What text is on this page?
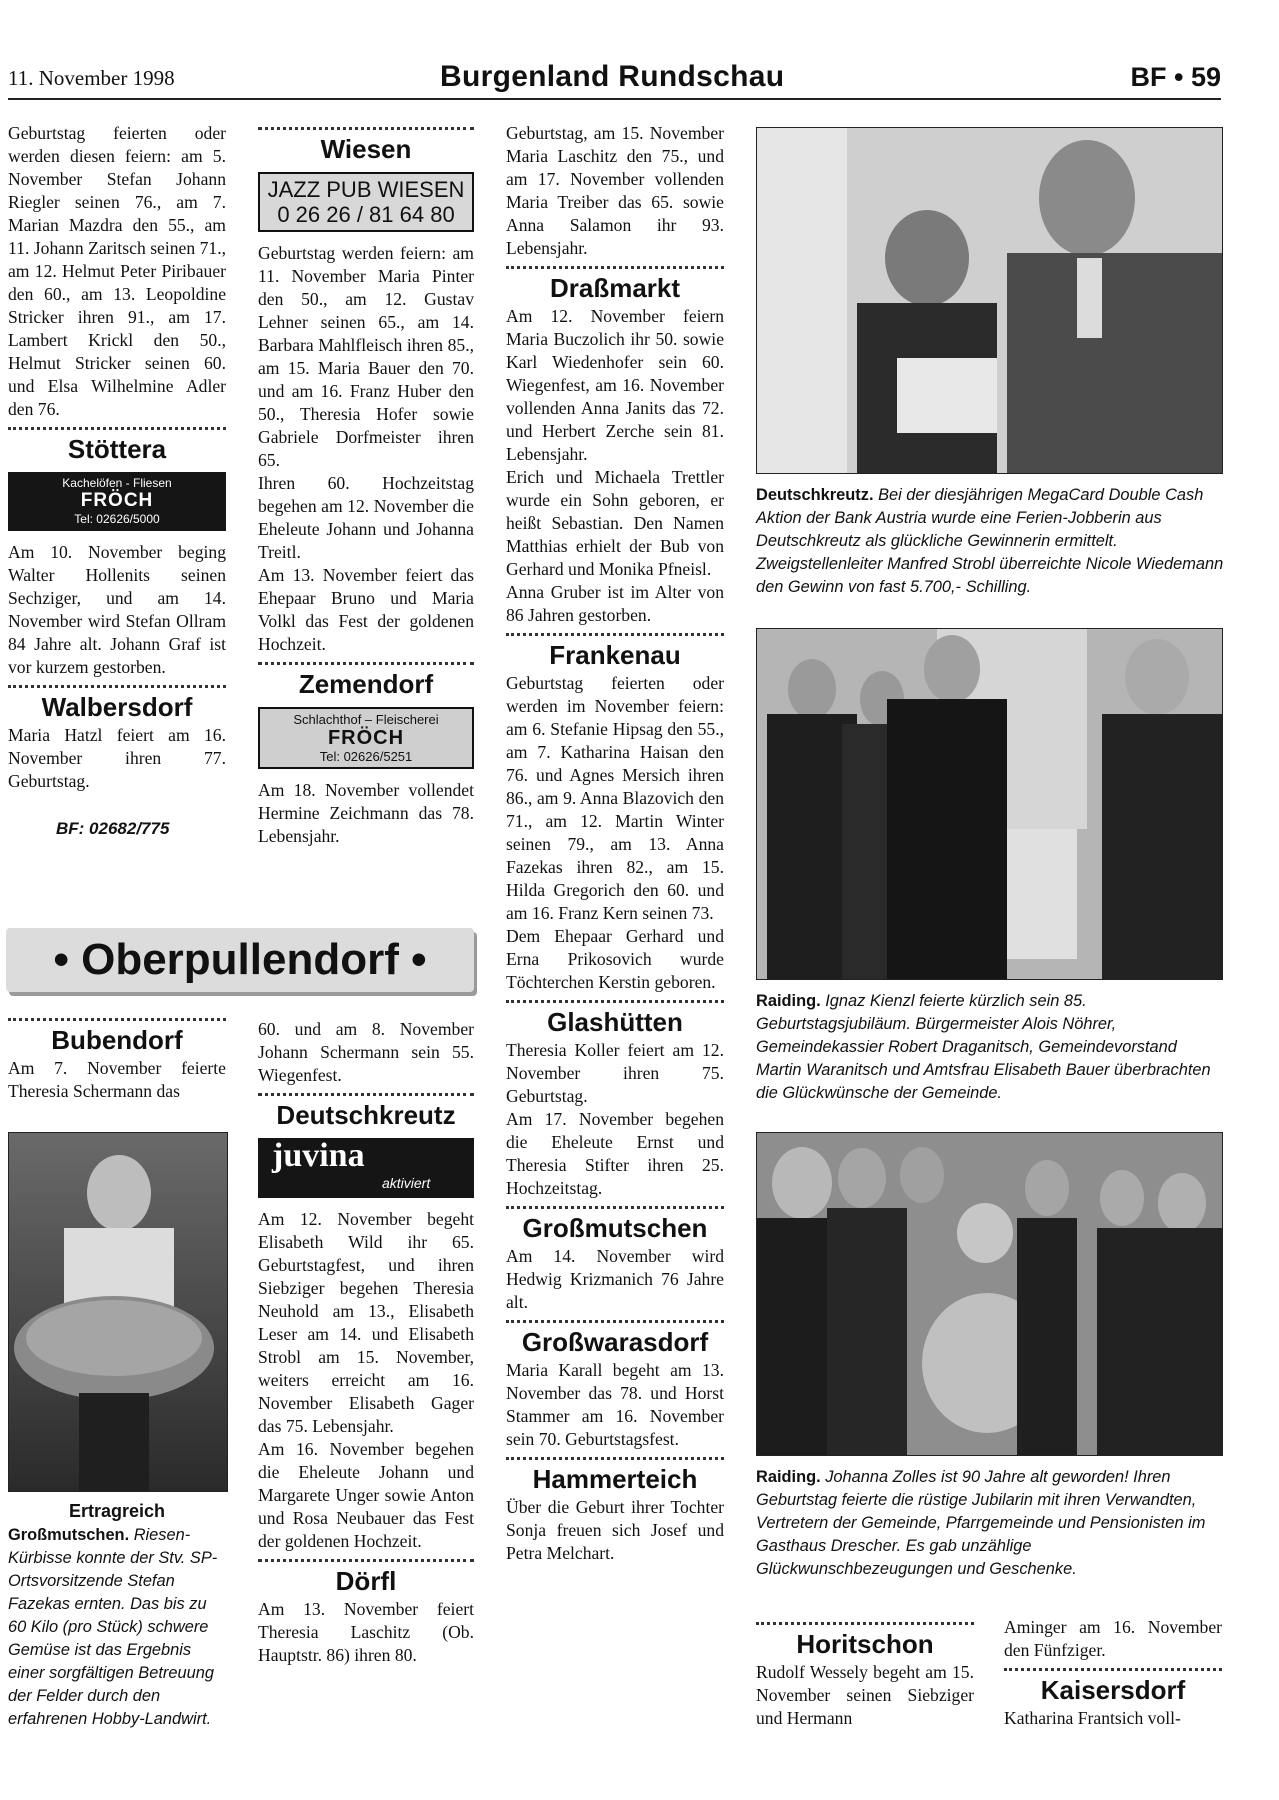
11. November 1998	Burgenland Rundschau	BF • 59

Geburtstag feierten oder werden diesen feiern: am 5. November Stefan Johann Riegler seinen 76., am 7. Marian Mazdra den 55., am 11. Johann Zaritsch seinen 71., am 12. Helmut Peter Piribauer den 60., am 13. Leopoldine Stricker ihren 91., am 17. Lambert Krickl den 50., Helmut Stricker seinen 60. und Elsa Wilhelmine Adler den 76.

Stöttera
Kachelöfen - Fliesen
FRÖCH
Tel: 02626/5000

Am 10. November beging Walter Hollenits seinen Sechziger, und am 14. November wird Stefan Ollram 84 Jahre alt. Johann Graf ist vor kurzem gestorben.

Walbersdorf

Maria Hatzl feiert am 16. November ihren 77. Geburtstag.

BF: 02682/775
Wiesen
JAZZ PUB WIESEN
0 26 26 / 81 64 80

Geburtstag werden feiern: am 11. November Maria Pinter den 50., am 12. Gustav Lehner seinen 65., am 14. Barbara Mahlfleisch ihren 85., am 15. Maria Bauer den 70. und am 16. Franz Huber den 50., Theresia Hofer sowie Gabriele Dorfmeister ihren 65.

Ihren 60. Hochzeitstag begehen am 12. November die Eheleute Johann und Johanna Treitl.

Am 13. November feiert das Ehepaar Bruno und Maria Volkl das Fest der goldenen Hochzeit.

Zemendorf
Schlachthof – Fleischerei
FRÖCH
Tel: 02626/5251

Am 18. November vollendet Hermine Zeichmann das 78. Lebensjahr.

Geburtstag, am 15. November Maria Laschitz den 75., und am 17. November vollenden Maria Treiber das 65. sowie Anna Salamon ihr 93. Lebensjahr.

Draßmarkt

Am 12. November feiern Maria Buczolich ihr 50. sowie Karl Wiedenhofer sein 60. Wiegenfest, am 16. November vollenden Anna Janits das 72. und Herbert Zerche sein 81. Lebensjahr.

Erich und Michaela Trettler wurde ein Sohn geboren, er heißt Sebastian. Den Namen Matthias erhielt der Bub von Gerhard und Monika Pfneisl.

Anna Gruber ist im Alter von 86 Jahren gestorben.

Frankenau

Geburtstag feierten oder werden im November feiern: am 6. Stefanie Hipsag den 55., am 7. Katharina Haisan den 76. und Agnes Mersich ihren 86., am 9. Anna Blazovich den 71., am 12. Martin Winter seinen 79., am 13. Anna Fazekas ihren 82., am 15. Hilda Gregorich den 60. und am 16. Franz Kern seinen 73.

Dem Ehepaar Gerhard und Erna Prikosovich wurde Töchterchen Kerstin geboren.

Glashütten

Theresia Koller feiert am 12. November ihren 75. Geburtstag.

Am 17. November begehen die Eheleute Ernst und Theresia Stifter ihren 25. Hochzeitstag.

Großmutschen

Am 14. November wird Hedwig Krizmanich 76 Jahre alt.

Großwarasdorf

Maria Karall begeht am 13. November das 78. und Horst Stammer am 16. November sein 70. Geburtstagsfest.

Hammerteich

Über die Geburt ihrer Tochter Sonja freuen sich Josef und Petra Melchart.

• Oberpullendorf •
Bubendorf

Am 7. November feierte Theresia Schermann das

Ertragreich
Großmutschen. Riesen-Kürbisse konnte der Stv. SP-Ortsvorsitzende Stefan Fazekas ernten. Das bis zu 60 Kilo (pro Stück) schwere Gemüse ist das Ergebnis einer sorgfältigen Betreuung der Felder durch den erfahrenen Hobby-Landwirt.

60. und am 8. November Johann Schermann sein 55. Wiegenfest.

Deutschkreutz
juvina
aktiviert

Am 12. November begeht Elisabeth Wild ihr 65. Geburtstagfest, und ihren Siebziger begehen Theresia Neuhold am 13., Elisabeth Leser am 14. und Elisabeth Strobl am 15. November, weiters erreicht am 16. November Elisabeth Gager das 75. Lebensjahr.

Am 16. November begehen die Eheleute Johann und Margarete Unger sowie Anton und Rosa Neubauer das Fest der goldenen Hochzeit.

Dörfl

Am 13. November feiert Theresia Laschitz (Ob. Hauptstr. 86) ihren 80.

Deutschkreutz. Bei der diesjährigen MegaCard Double Cash Aktion der Bank Austria wurde eine Ferien-Jobberin aus Deutschkreutz als glückliche Gewinnerin ermittelt. Zweigstellenleiter Manfred Strobl überreichte Nicole Wiedemann den Gewinn von fast 5.700,- Schilling.
Raiding. Ignaz Kienzl feierte kürzlich sein 85. Geburtstagsjubiläum. Bürgermeister Alois Nöhrer, Gemeindekassier Robert Draganitsch, Gemeindevorstand Martin Waranitsch und Amtsfrau Elisabeth Bauer überbrachten die Glückwünsche der Gemeinde.
Raiding. Johanna Zolles ist 90 Jahre alt geworden! Ihren Geburtstag feierte die rüstige Jubilarin mit ihren Verwandten, Vertretern der Gemeinde, Pfarrgemeinde und Pensionisten im Gasthaus Drescher. Es gab unzählige Glückwunschbezeugungen und Geschenke.
Horitschon

Rudolf Wessely begeht am 15. November seinen Siebziger und Hermann

Aminger am 16. November den Fünfziger.

Kaisersdorf

Katharina Frantsich voll-
